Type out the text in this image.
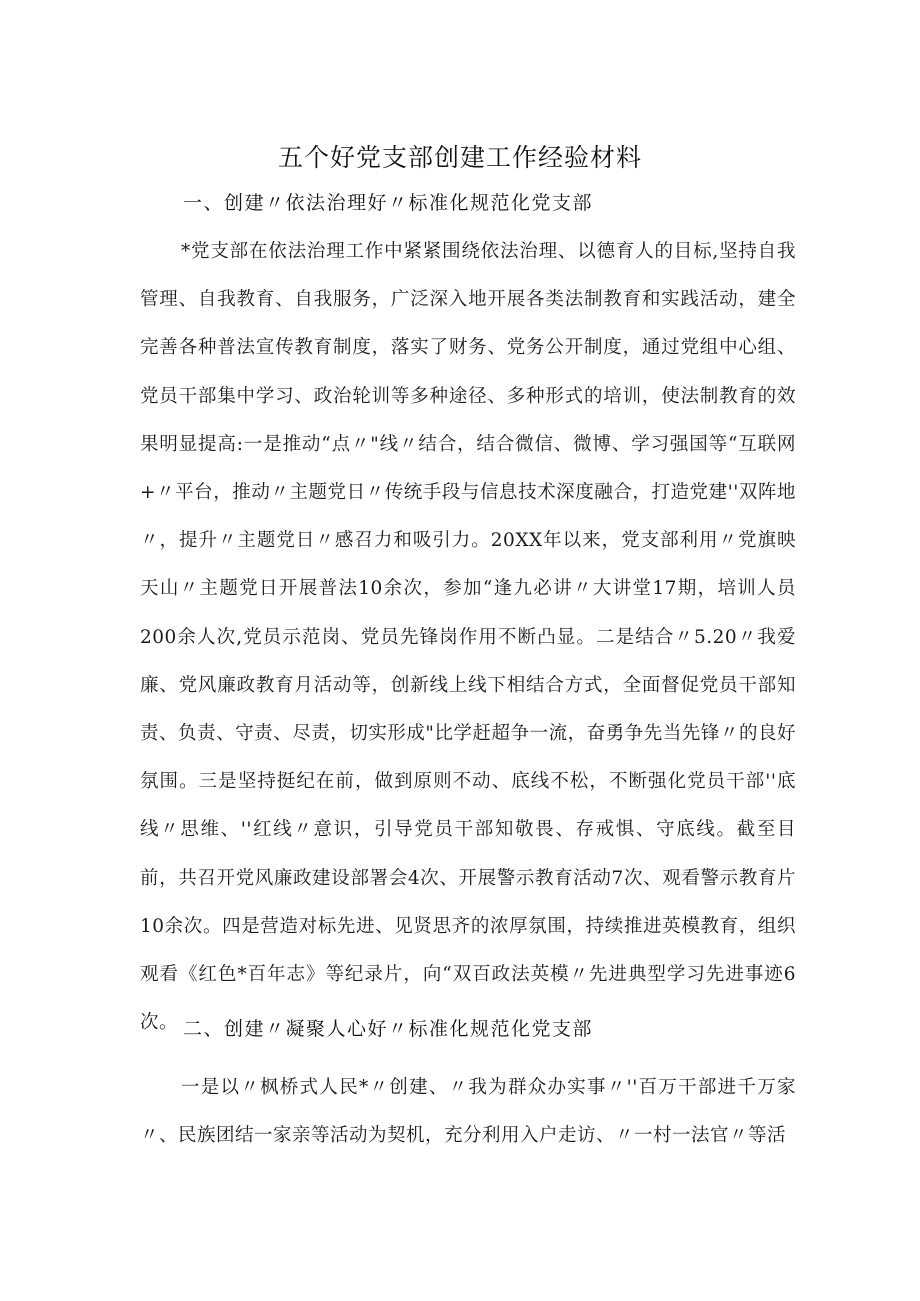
五个好党支部创建工作经验材料
一、创建〃依法治理好〃标准化规范化党支部

*党支部在依法治理工作中紧紧围绕依法治理、以德育人的目标,坚持自我管理、自我教育、自我服务，广泛深入地开展各类法制教育和实践活动，建全完善各种普法宣传教育制度，落实了财务、党务公开制度，通过党组中心组、党员干部集中学习、政治轮训等多种途径、多种形式的培训，使法制教育的效果明显提高:一是推动“点〃"线〃结合，结合微信、微博、学习强国等“互联网+〃平台，推动〃主题党日〃传统手段与信息技术深度融合，打造党建''双阵地〃，提升〃主题党日〃感召力和吸引力。20XX年以来，党支部利用〃党旗映天山〃主题党日开展普法10余次，参加“逢九必讲〃大讲堂17期，培训人员200余人次,党员示范岗、党员先锋岗作用不断凸显。二是结合〃5.20〃我爱廉、党风廉政教育月活动等，创新线上线下相结合方式，全面督促党员干部知责、负责、守责、尽责，切实形成"比学赶超争一流，奋勇争先当先锋〃的良好氛围。三是坚持挺纪在前，做到原则不动、底线不松，不断强化党员干部''底线〃思维、''红线〃意识，引导党员干部知敬畏、存戒惧、守底线。截至目前，共召开党风廉政建设部署会4次、开展警示教育活动7次、观看警示教育片10余次。四是营造对标先进、见贤思齐的浓厚氛围，持续推进英模教育，组织观看《红色*百年志》等纪录片，向“双百政法英模〃先进典型学习先进事迹6次。 二、创建〃凝聚人心好〃标准化规范化党支部

一是以〃枫桥式人民*〃创建、〃我为群众办实事〃''百万干部进千万家〃、民族团结一家亲等活动为契机，充分利用入户走访、〃一村一法官〃等活
